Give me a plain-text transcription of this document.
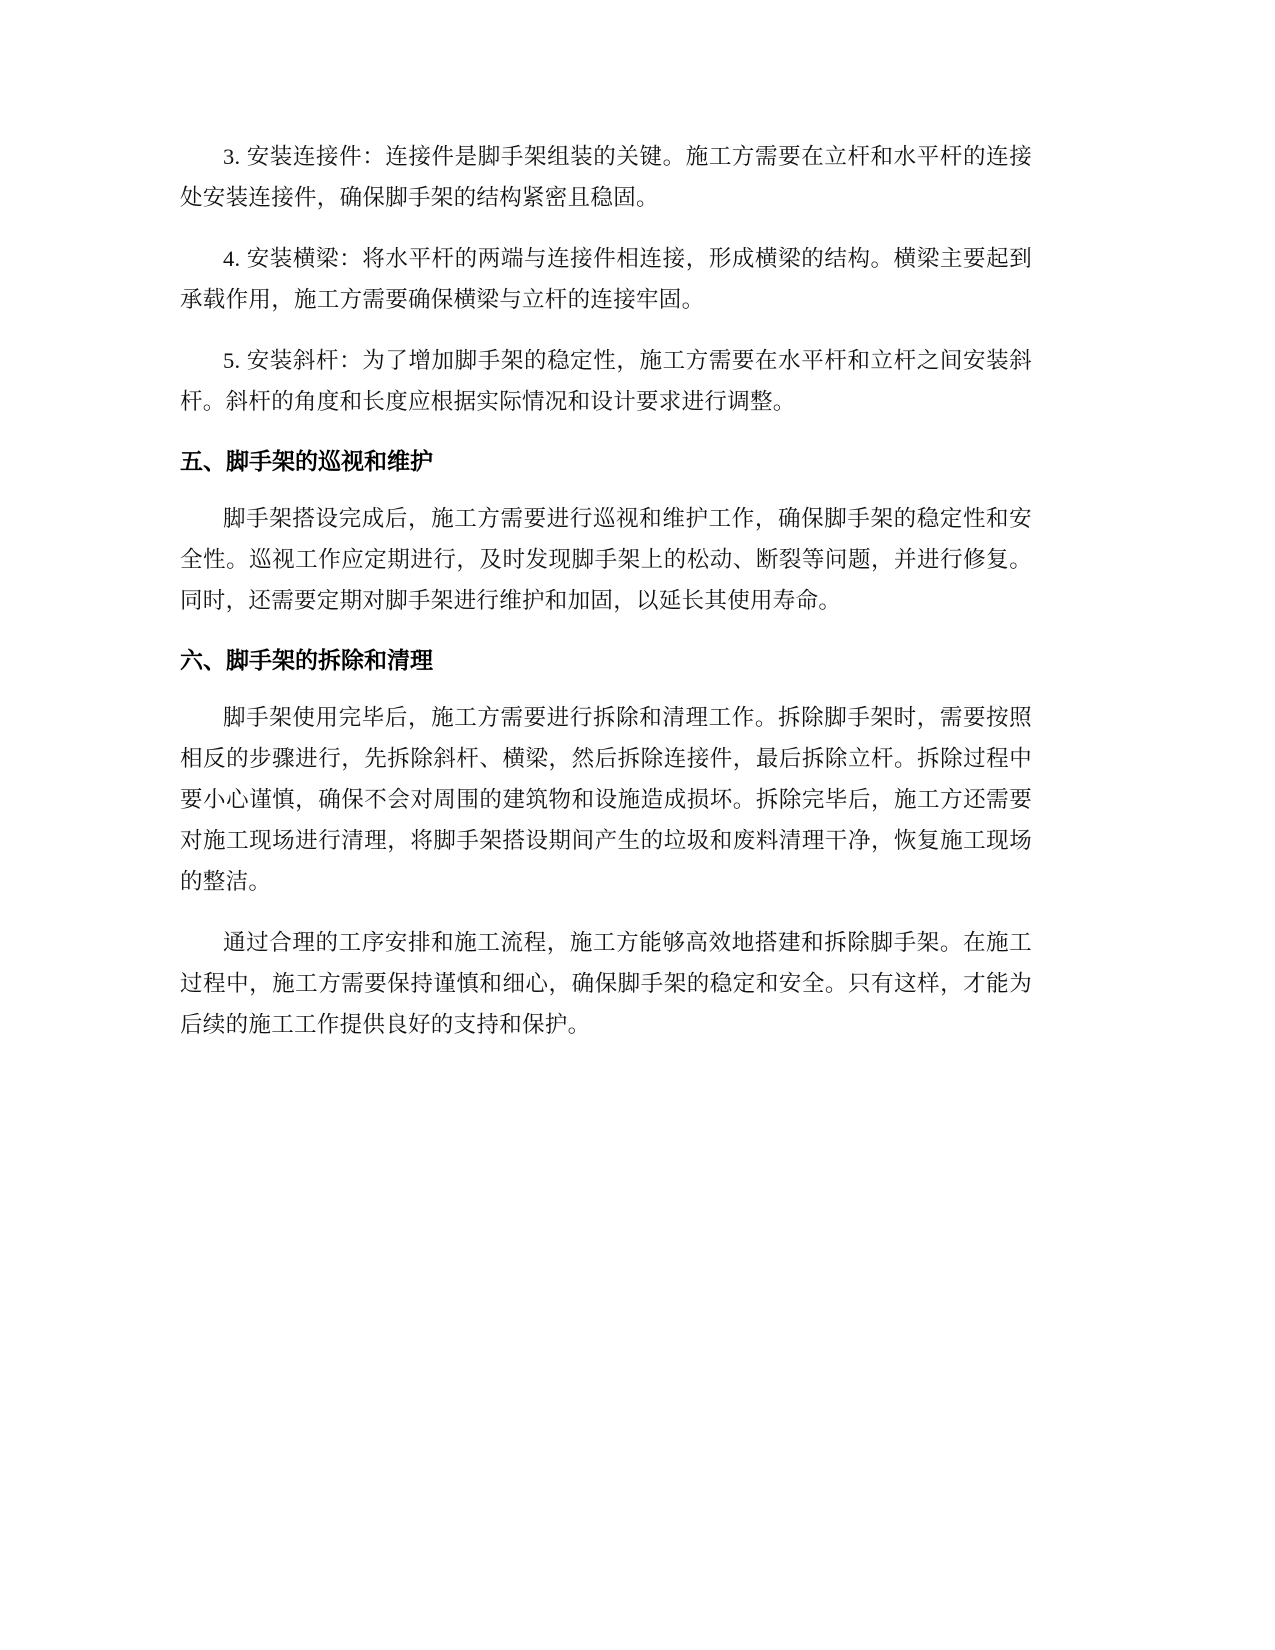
3. 安装连接件：连接件是脚手架组装的关键。施工方需要在立杆和水平杆的连接处安装连接件，确保脚手架的结构紧密且稳固。

4. 安装横梁：将水平杆的两端与连接件相连接，形成横梁的结构。横梁主要起到承载作用，施工方需要确保横梁与立杆的连接牢固。

5. 安装斜杆：为了增加脚手架的稳定性，施工方需要在水平杆和立杆之间安装斜杆。斜杆的角度和长度应根据实际情况和设计要求进行调整。

五、脚手架的巡视和维护

脚手架搭设完成后，施工方需要进行巡视和维护工作，确保脚手架的稳定性和安全性。巡视工作应定期进行，及时发现脚手架上的松动、断裂等问题，并进行修复。同时，还需要定期对脚手架进行维护和加固，以延长其使用寿命。

六、脚手架的拆除和清理

脚手架使用完毕后，施工方需要进行拆除和清理工作。拆除脚手架时，需要按照相反的步骤进行，先拆除斜杆、横梁，然后拆除连接件，最后拆除立杆。拆除过程中要小心谨慎，确保不会对周围的建筑物和设施造成损坏。拆除完毕后，施工方还需要对施工现场进行清理，将脚手架搭设期间产生的垃圾和废料清理干净，恢复施工现场的整洁。

通过合理的工序安排和施工流程，施工方能够高效地搭建和拆除脚手架。在施工过程中，施工方需要保持谨慎和细心，确保脚手架的稳定和安全。只有这样，才能为后续的施工工作提供良好的支持和保护。
